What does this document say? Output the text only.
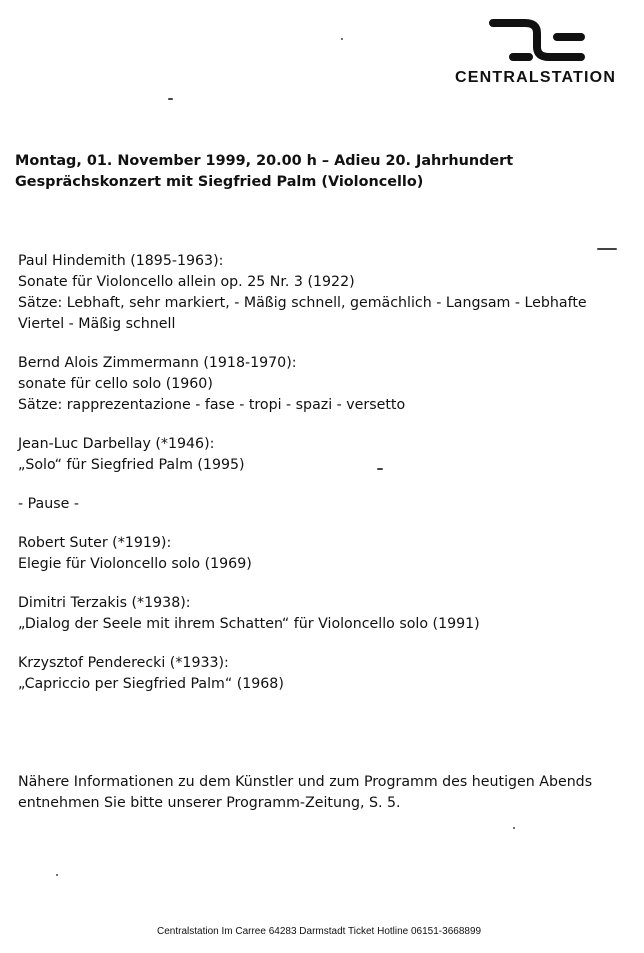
CENTRALSTATION
Montag, 01. November 1999, 20.00 h – Adieu 20. Jahrhundert
Gesprächskonzert mit Siegfried Palm (Violoncello)
Paul Hindemith (1895-1963):
Sonate für Violoncello allein op. 25 Nr. 3 (1922)
Sätze: Lebhaft, sehr markiert, - Mäßig schnell, gemächlich - Langsam - Lebhafte
Viertel - Mäßig schnell
Bernd Alois Zimmermann (1918-1970):
sonate für cello solo (1960)
Sätze: rapprezentazione - fase - tropi - spazi - versetto
Jean-Luc Darbellay (*1946):
„Solo“ für Siegfried Palm (1995)
- Pause -
Robert Suter (*1919):
Elegie für Violoncello solo (1969)
Dimitri Terzakis (*1938):
„Dialog der Seele mit ihrem Schatten“ für Violoncello solo (1991)
Krzysztof Penderecki (*1933):
„Capriccio per Siegfried Palm“ (1968)
Nähere Informationen zu dem Künstler und zum Programm des heutigen Abends
entnehmen Sie bitte unserer Programm-Zeitung, S. 5.
Centralstation Im Carree 64283 Darmstadt Ticket Hotline 06151-3668899
